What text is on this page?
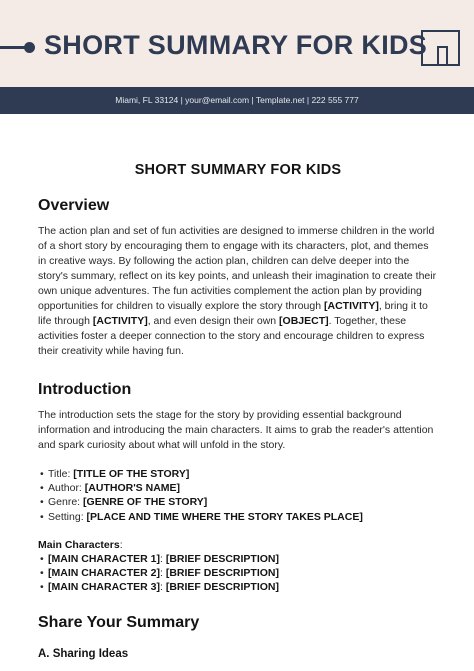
SHORT SUMMARY FOR KIDS
Miami, FL 33124 | your@email.com | Template.net | 222 555 777
SHORT SUMMARY FOR KIDS
Overview

The action plan and set of fun activities are designed to immerse children in the world of a short story by encouraging them to engage with its characters, plot, and themes in creative ways. By following the action plan, children can delve deeper into the story's summary, reflect on its key points, and unleash their imagination to create their own unique adventures. The fun activities complement the action plan by providing opportunities for children to visually explore the story through [ACTIVITY], bring it to life through [ACTIVITY], and even design their own [OBJECT]. Together, these activities foster a deeper connection to the story and encourage children to express their creativity while having fun.

Introduction

The introduction sets the stage for the story by providing essential background information and introducing the main characters. It aims to grab the reader's attention and spark curiosity about what will unfold in the story.

• Title: [TITLE OF THE STORY]
• Author: [AUTHOR'S NAME]
• Genre: [GENRE OF THE STORY]
• Setting: [PLACE AND TIME WHERE THE STORY TAKES PLACE]
Main Characters:
• [MAIN CHARACTER 1]: [BRIEF DESCRIPTION]
• [MAIN CHARACTER 2]: [BRIEF DESCRIPTION]
• [MAIN CHARACTER 3]: [BRIEF DESCRIPTION]
Share Your Summary
A. Sharing Ideas
